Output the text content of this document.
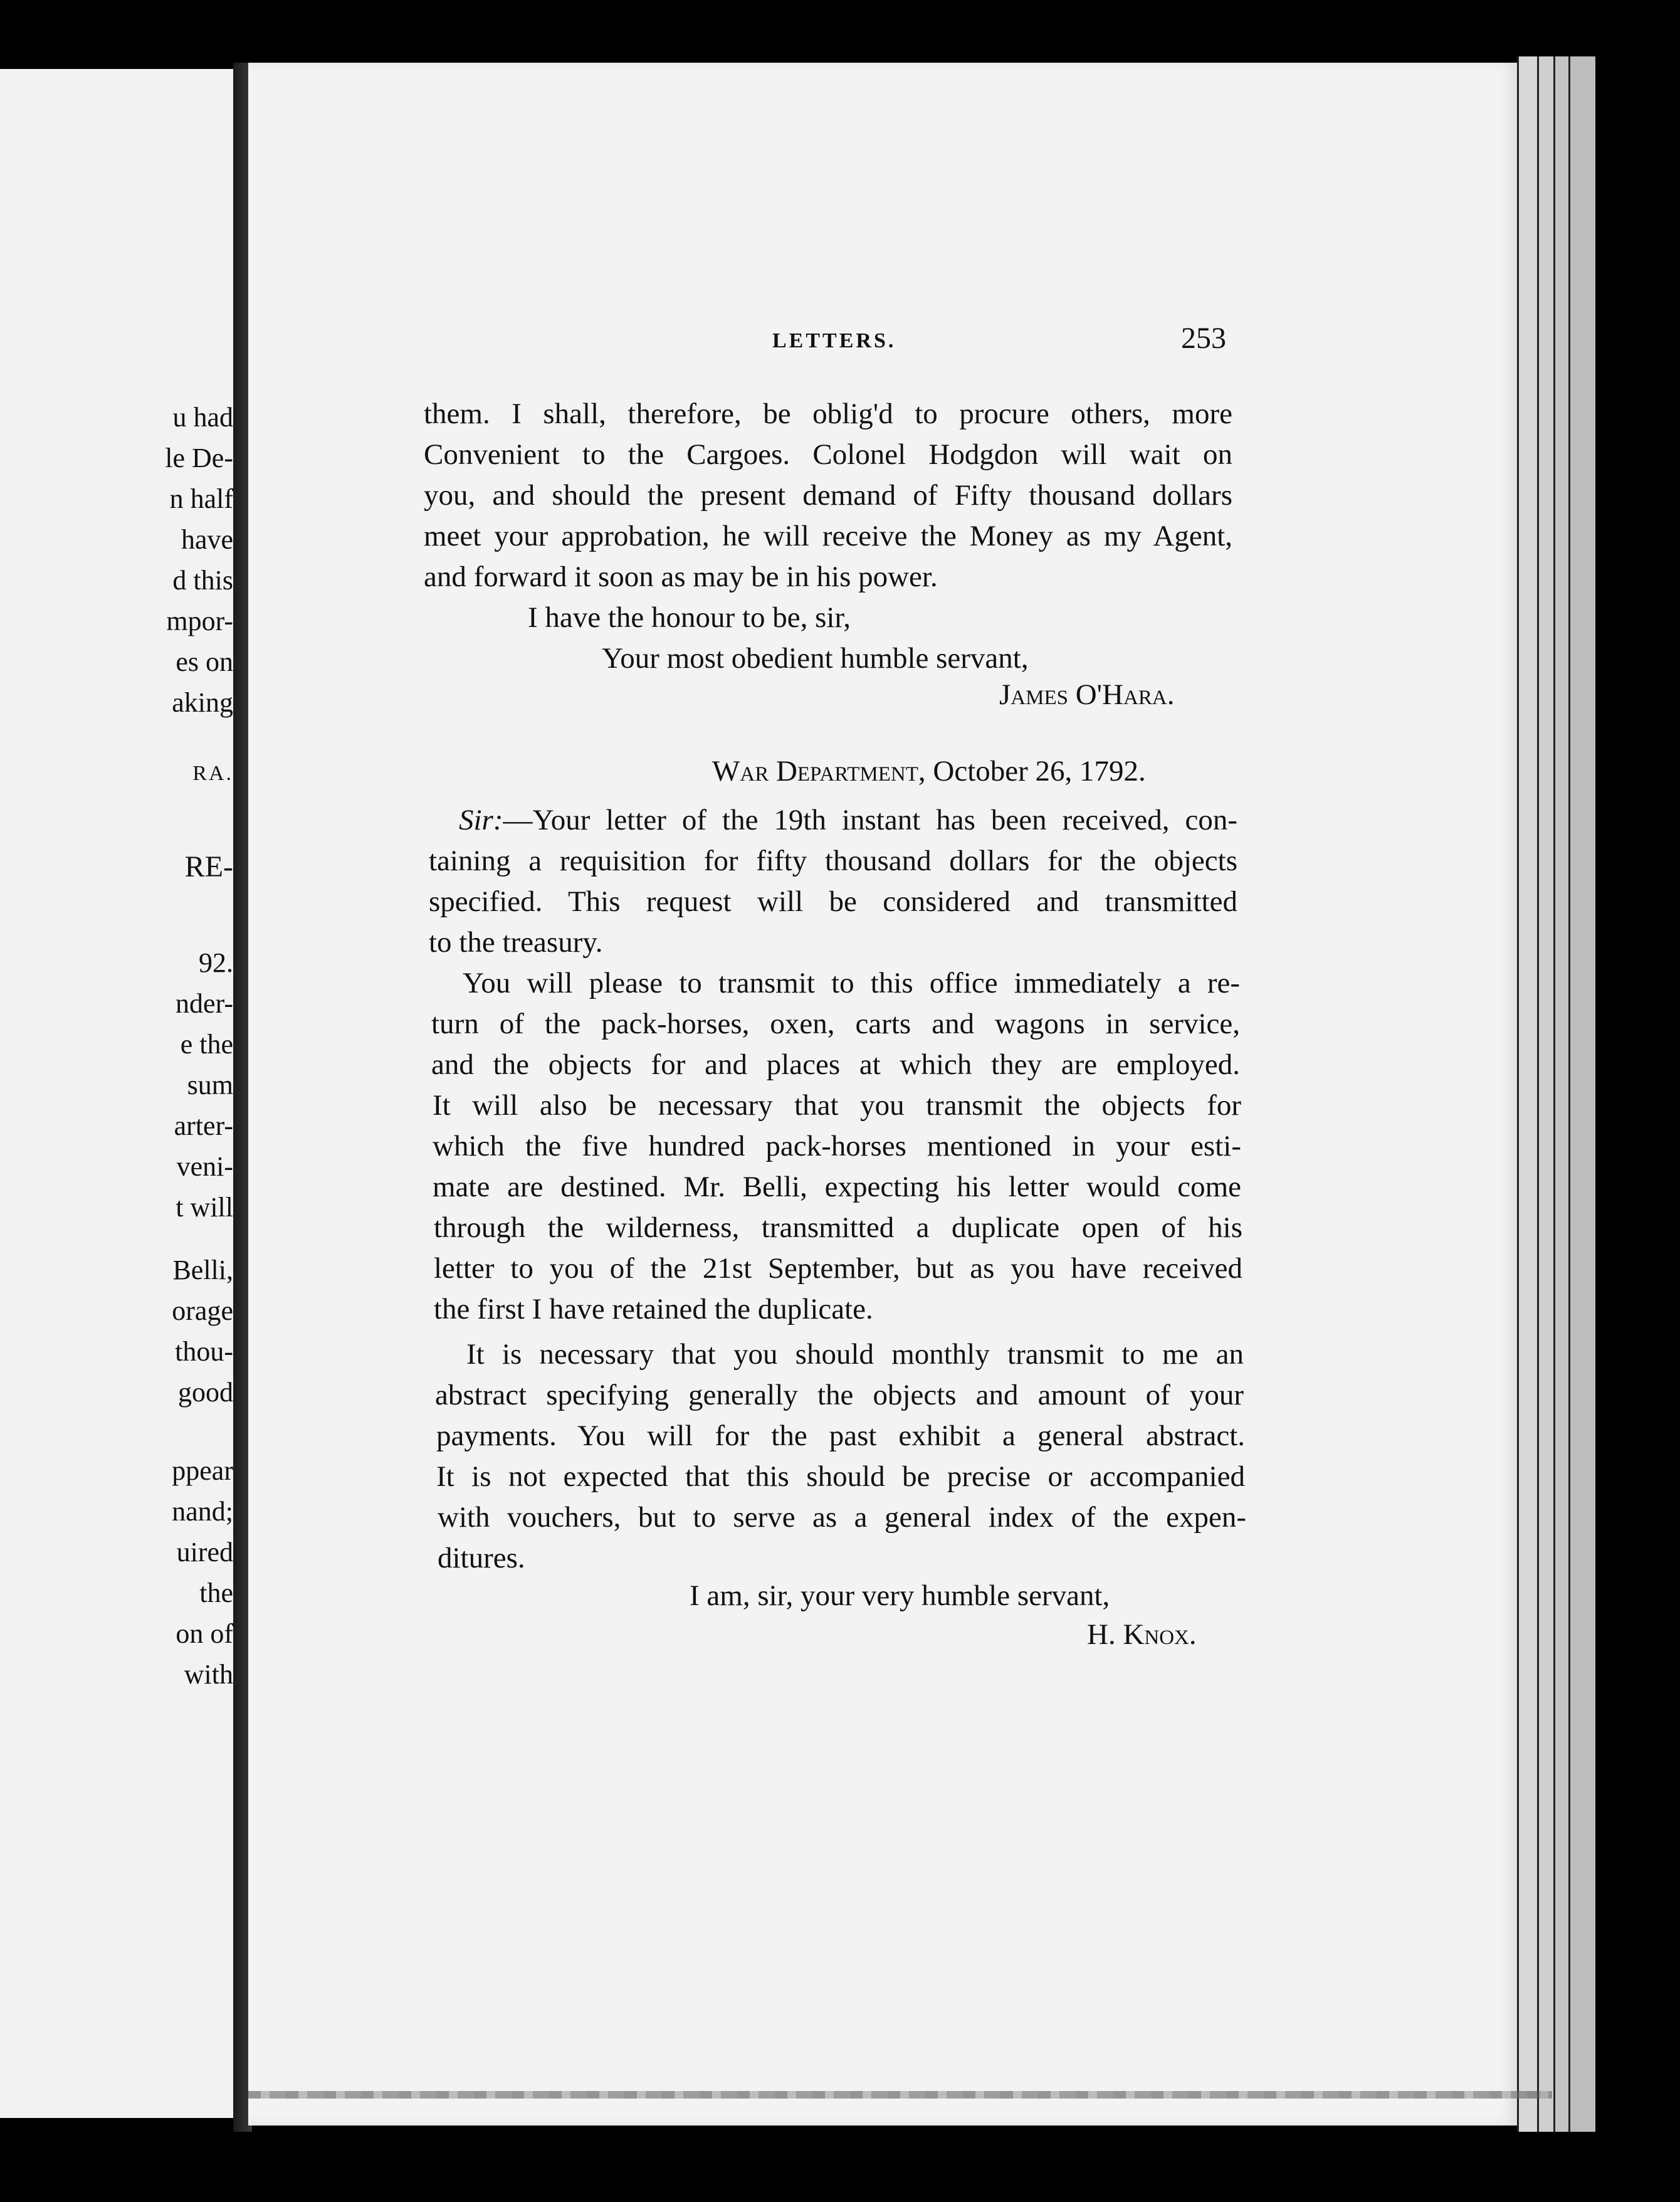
u had
le De-
n half
have
d this
mpor-
es on
aking
RA.
RE-
92.
nder-
e the
sum
arter-
veni-
t will
Belli,
orage
thou-
good
ppear
nand;
uired
the
on of
with
LETTERS.	253
them. I shall, therefore, be oblig'd to procure others, more
Convenient to the Cargoes. Colonel Hodgdon will wait on
you, and should the present demand of Fifty thousand dollars
meet your approbation, he will receive the Money as my Agent,
and forward it soon as may be in his power.
I have the honour to be, sir,
Your most obedient humble servant,
James O'Hara.
War Department, October 26, 1792.
Sir: —Your letter of the 19th instant has been received, con-
taining a requisition for fifty thousand dollars for the objects
specified. This request will be considered and transmitted
to the treasury.
You will please to transmit to this office immediately a re-
turn of the pack-horses, oxen, carts and wagons in service,
and the objects for and places at which they are employed.
It will also be necessary that you transmit the objects for
which the five hundred pack-horses mentioned in your esti-
mate are destined. Mr. Belli, expecting his letter would come
through the wilderness, transmitted a duplicate open of his
letter to you of the 21st September, but as you have received
the first I have retained the duplicate.
It is necessary that you should monthly transmit to me an
abstract specifying generally the objects and amount of your
payments. You will for the past exhibit a general abstract.
It is not expected that this should be precise or accompanied
with vouchers, but to serve as a general index of the expen-
ditures.
I am, sir, your very humble servant,
H. Knox.
